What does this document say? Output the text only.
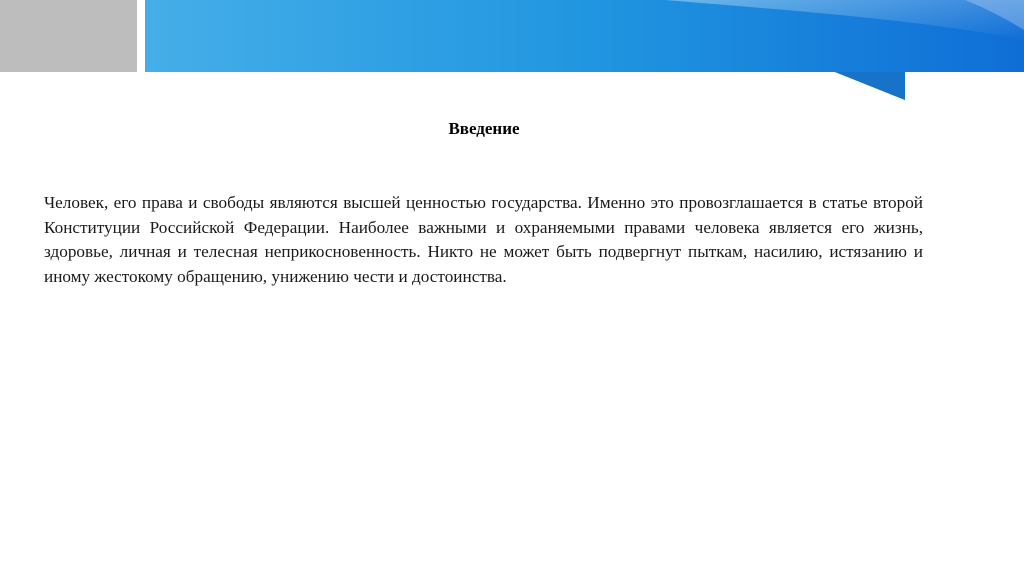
Введение

Человек, его права и свободы являются высшей ценностью государства. Именно это провозглашается в статье второй Конституции Российской Федерации. Наиболее важными и охраняемыми правами человека является его жизнь, здоровье, личная и телесная неприкосновенность. Никто не может быть подвергнут пыткам, насилию, истязанию и иному жестокому обращению, унижению чести и достоинства.
